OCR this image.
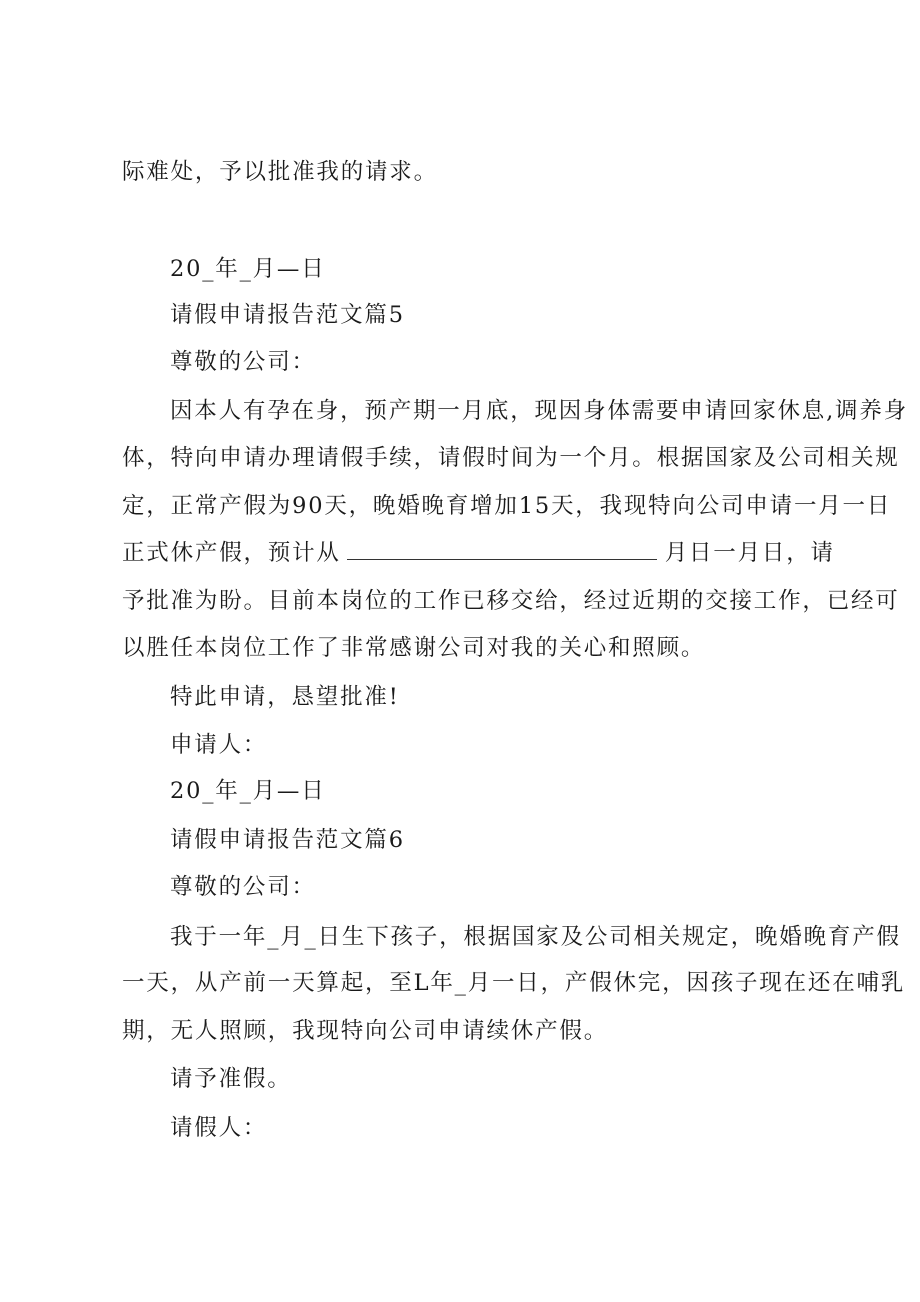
际难处，予以批准我的请求。
20_年_月—日
请假申请报告范文篇5
尊敬的公司：
因本人有孕在身，预产期一月底，现因身体需要申请回家休息,调养身
体，特向申请办理请假手续，请假时间为一个月。根据国家及公司相关规
定，正常产假为90天，晚婚晚育增加15天，我现特向公司申请一月一日
正式休产假，预计从	月日一月日，请
予批准为盼。目前本岗位的工作已移交给，经过近期的交接工作，已经可
以胜任本岗位工作了非常感谢公司对我的关心和照顾。
特此申请，恳望批准!
申请人：
20_年_月—日
请假申请报告范文篇6
尊敬的公司：
我于一年_月_日生下孩子，根据国家及公司相关规定，晚婚晚育产假
一天，从产前一天算起，至L年_月一日，产假休完，因孩子现在还在哺乳
期，无人照顾，我现特向公司申请续休产假。
请予准假。
请假人：
